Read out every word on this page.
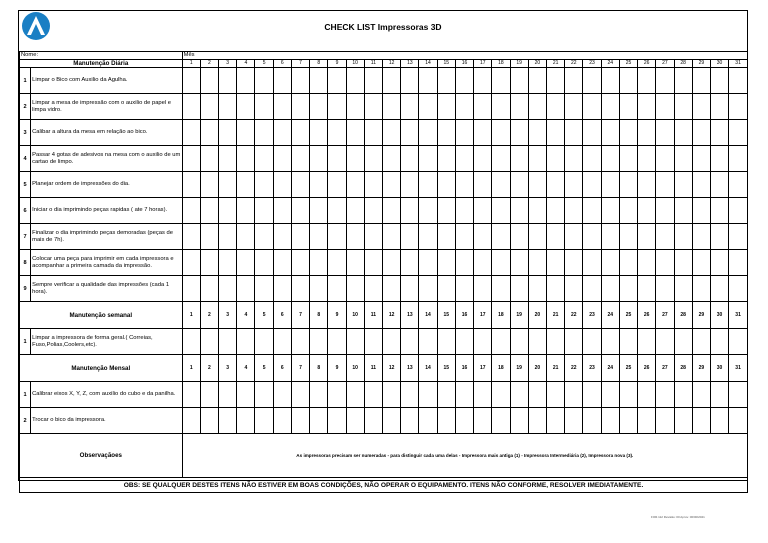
CHECK LIST Impressoras 3D
Nome:		Mês																														
Manutenção Diária		1	2	3	4	5	6	7	8	9	10	11	12	13	14	15	16	17	18	19	20	21	22	23	24	25	26	27	28	29	30	31
1	Limpar o Bico com Auxilio da Agulha.																															
2	Limpar a mesa de impressão com o auxilio de papel e limpa vidro.																															
3	Calibar a altura da mesa em relação ao bico.																															
4	Passar 4 gotas de adesivos na mesa com o auxilio de um cartao de limpo.																															
5	Planejar ordem de impressões do dia.																															
6	Iniciar o dia imprimindo peças rapidas ( ate 7 horas).																															
7	Finalizar o dia imprimindo peças demoradas (peças de mais de 7h).																															
8	Colocar uma peça para imprimir em cada impressora e acompanhar a primeira camada da impressão.																															
9	Sempre verificar a qualidade das impressões (cada 1 hora).																															
Manutenção semanal		1	2	3	4	5	6	7	8	9	10	11	12	13	14	15	16	17	18	19	20	21	22	23	24	25	26	27	28	29	30	31
1	Limpar a impressora de forma geral.( Correias, Fuso,Polias,Coolers,etc).																															
Manutenção Mensal		1	2	3	4	5	6	7	8	9	10	11	12	13	14	15	16	17	18	19	20	21	22	23	24	25	26	27	28	29	30	31
1	Calibrar eixos X, Y, Z, com auxilio do cubo e da panilha.																															
2	Trocar o bico da impressora.																															
Observaçãoes		As impressoras precisam ser numeradas - para distinguir cada uma delas - Impressora mais antiga (1) - Impressora Intermediária (2), Impressora nova (3).																														
OBS: SE QUALQUER DESTES ITENS NÃO ESTIVER EM BOAS CONDIÇÕES, NÃO OPERAR O EQUIPAMENTO. ITENS NÃO CONFORME, RESOLVER IMEDIATAMENTE.																																
FOR.112 Revisão: 00 Aprov: 00/00/2021
